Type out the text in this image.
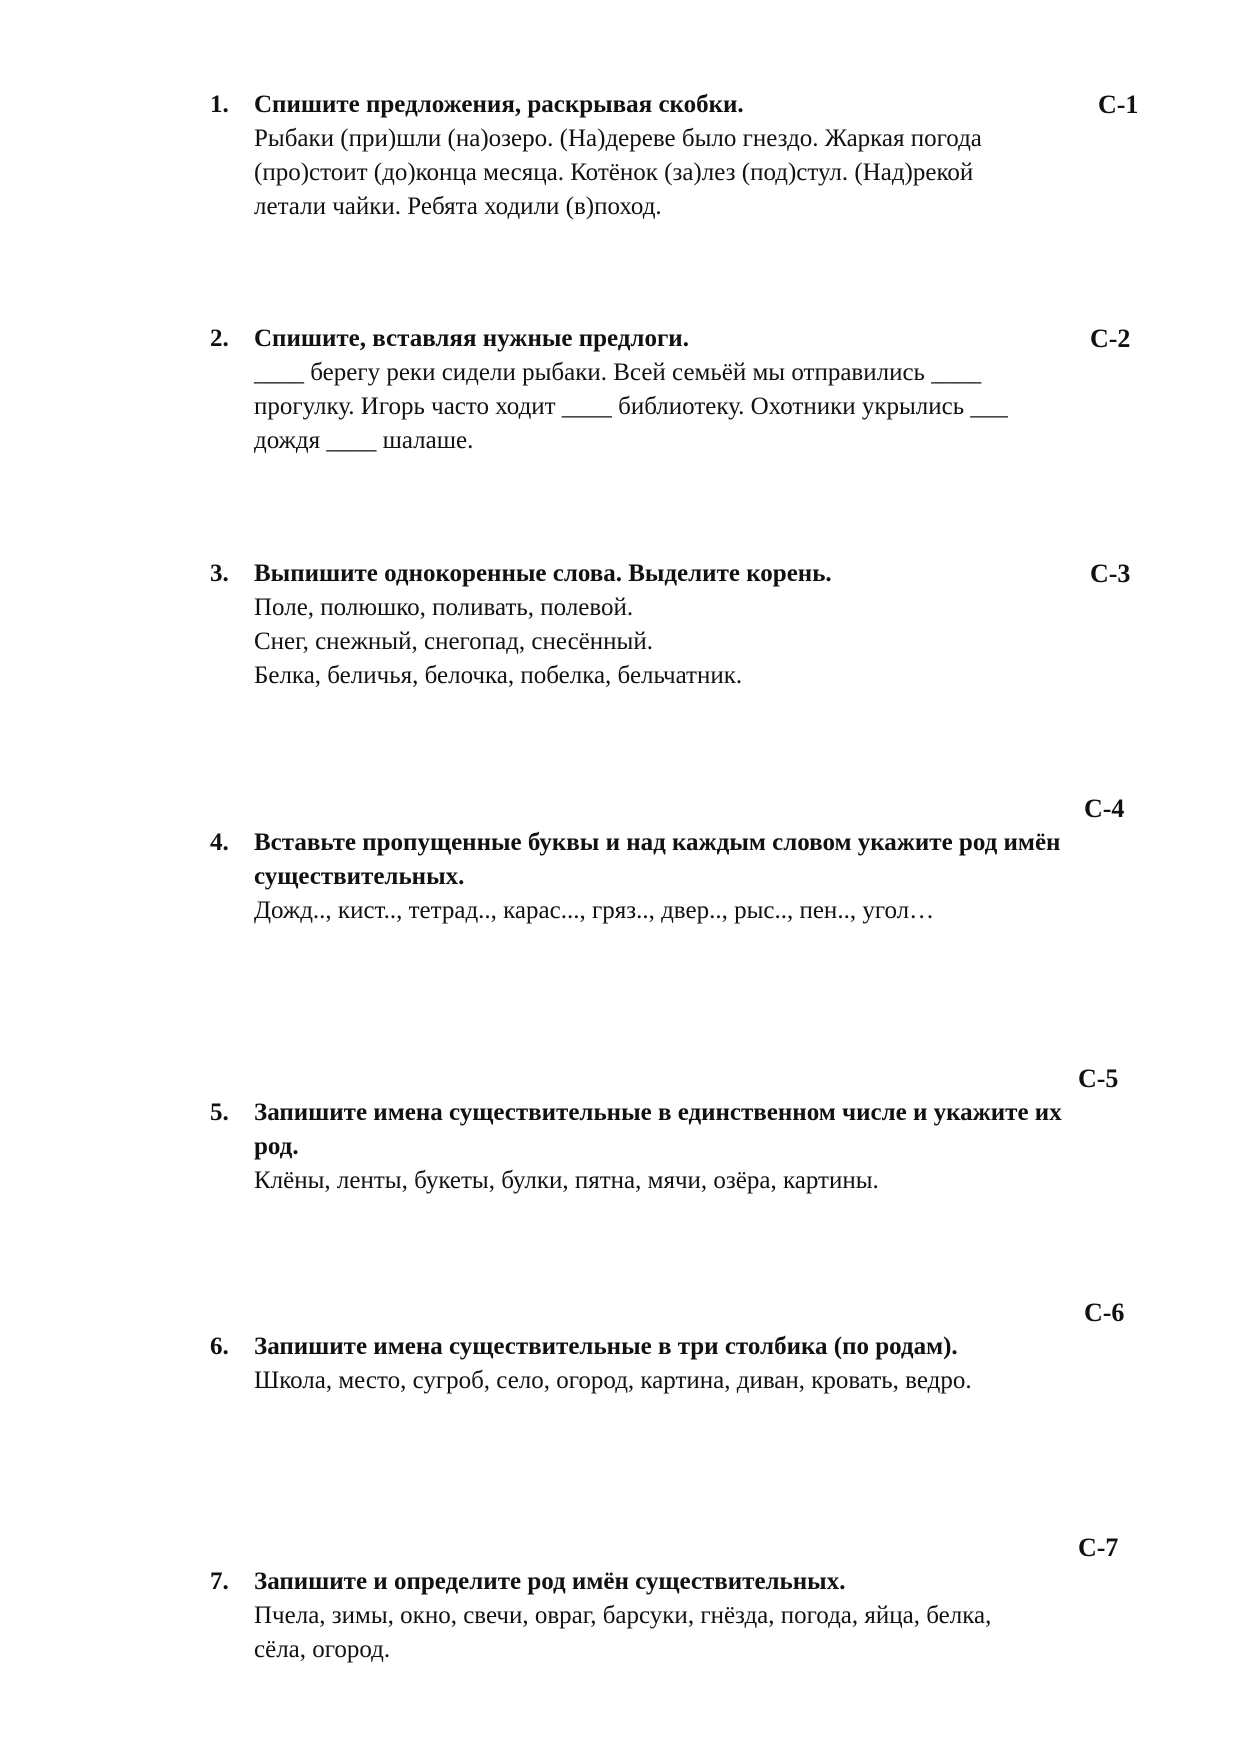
С-1
1.	Спишите предложения, раскрывая скобки.
Рыбаки (при)шли (на)озеро. (На)дереве было гнездо. Жаркая погода
(про)стоит (до)конца месяца. Котёнок (за)лез (под)стул. (Над)рекой
летали чайки. Ребята ходили (в)поход.
С-2
2.	Спишите, вставляя нужные предлоги.
____ берегу реки сидели рыбаки. Всей семьёй мы отправились ____
прогулку. Игорь часто ходит ____ библиотеку. Охотники укрылись ___
дождя ____ шалаше.
С-3
3.	Выпишите однокоренные слова. Выделите корень.
Поле, полюшко, поливать, полевой.
Снег, снежный, снегопад, снесённый.
Белка, беличья, белочка, побелка, бельчатник.
С-4
4.	Вставьте пропущенные буквы и над каждым словом укажите род имён существительных.
Дожд.., кист.., тетрад.., карас..., гряз.., двер.., рыс.., пен.., угол…
С-5
5.	Запишите имена существительные в единственном числе и укажите их род.
Клёны, ленты, букеты, булки, пятна, мячи, озёра, картины.
С-6
6.	Запишите имена существительные в три столбика (по родам).
Школа, место, сугроб, село, огород, картина, диван, кровать, ведро.
С-7
7.	Запишите и определите род имён существительных.
Пчела, зимы, окно, свечи, овраг, барсуки, гнёзда, погода, яйца, белка,
сёла, огород.
